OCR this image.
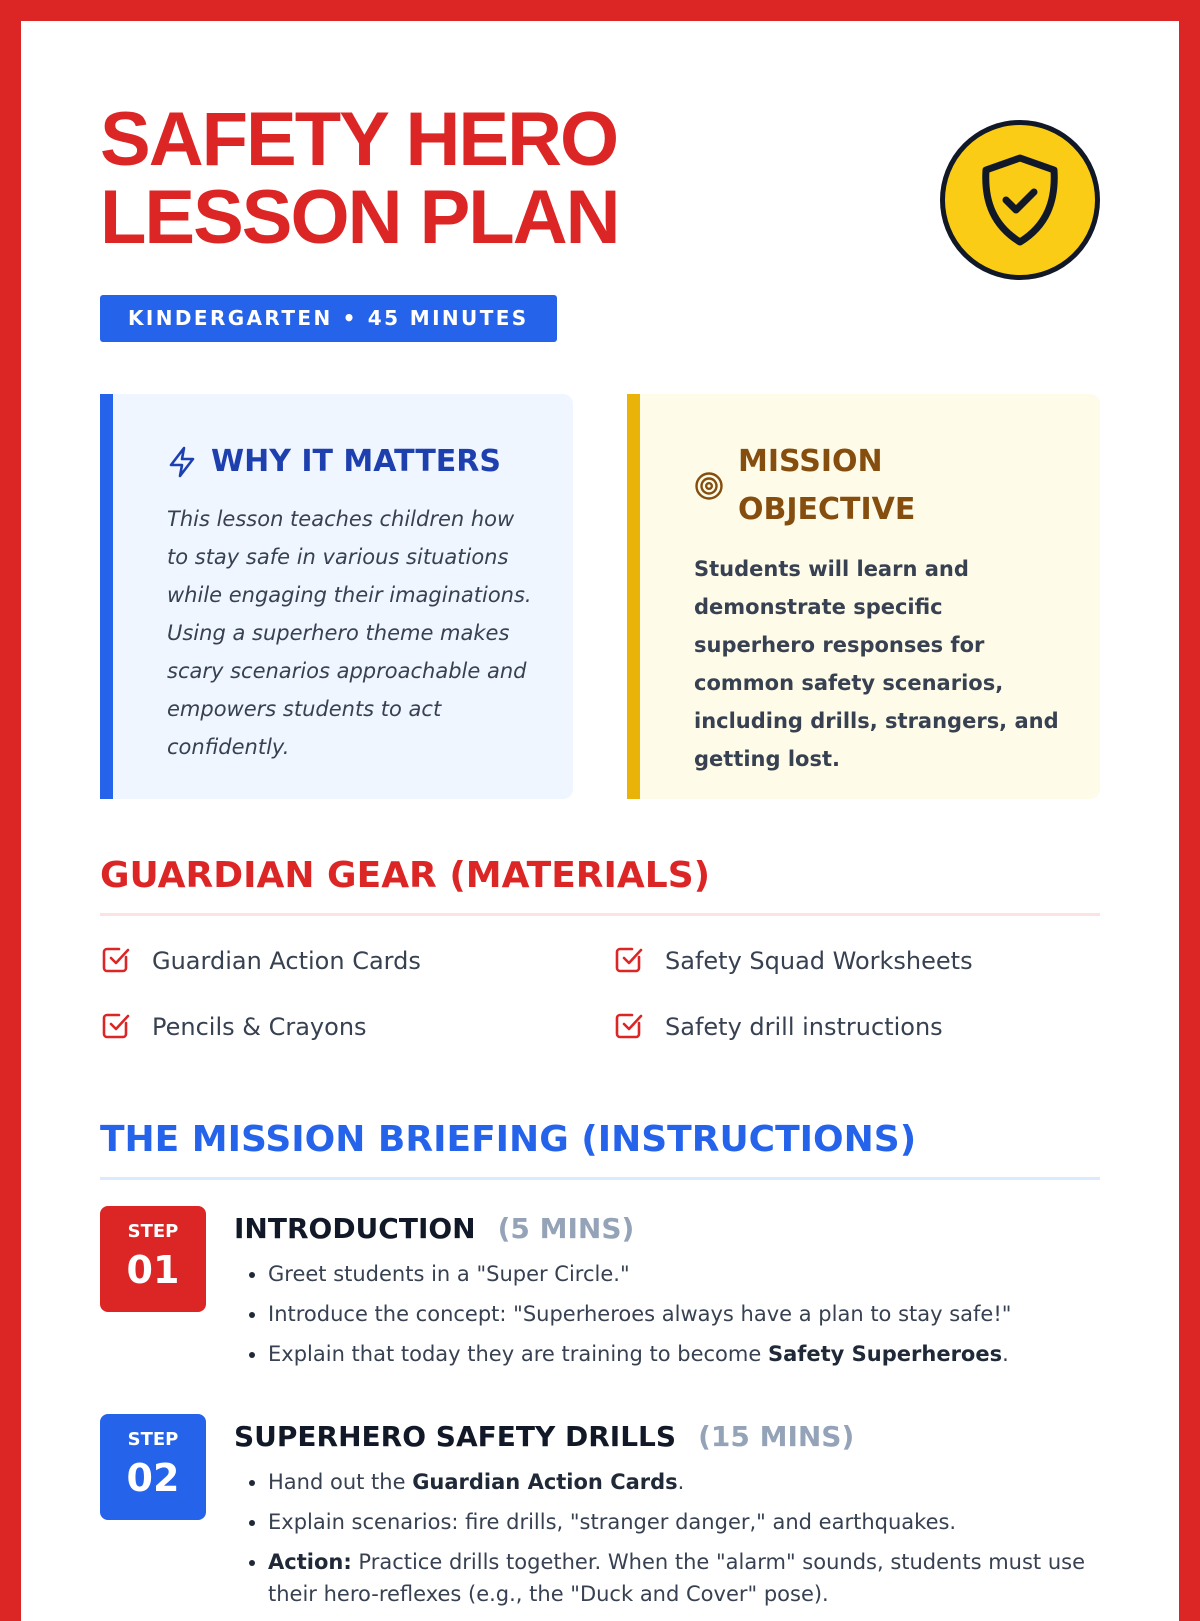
SAFETY HERO
LESSON PLAN
KINDERGARTEN • 45 MINUTES
WHY IT MATTERS

This lesson teaches children how to stay safe in various situations while engaging their imaginations. Using a superhero theme makes scary scenarios approachable and empowers students to act confidently.

MISSION OBJECTIVE

Students will learn and demonstrate specific superhero responses for common safety scenarios, including drills, strangers, and getting lost.

GUARDIAN GEAR (MATERIALS)
Guardian Action Cards	Safety Squad Worksheets
Pencils & Crayons	Safety drill instructions
THE MISSION BRIEFING (INSTRUCTIONS)
STEP
01
INTRODUCTION (5 MINS)
• Greet students in a "Super Circle."
• Introduce the concept: "Superheroes always have a plan to stay safe!"
• Explain that today they are training to become Safety Superheroes.
STEP
02
SUPERHERO SAFETY DRILLS (15 MINS)
• Hand out the Guardian Action Cards.
• Explain scenarios: fire drills, "stranger danger," and earthquakes.
• Action: Practice drills together. When the "alarm" sounds, students must use their hero-reflexes (e.g., the "Duck and Cover" pose).
